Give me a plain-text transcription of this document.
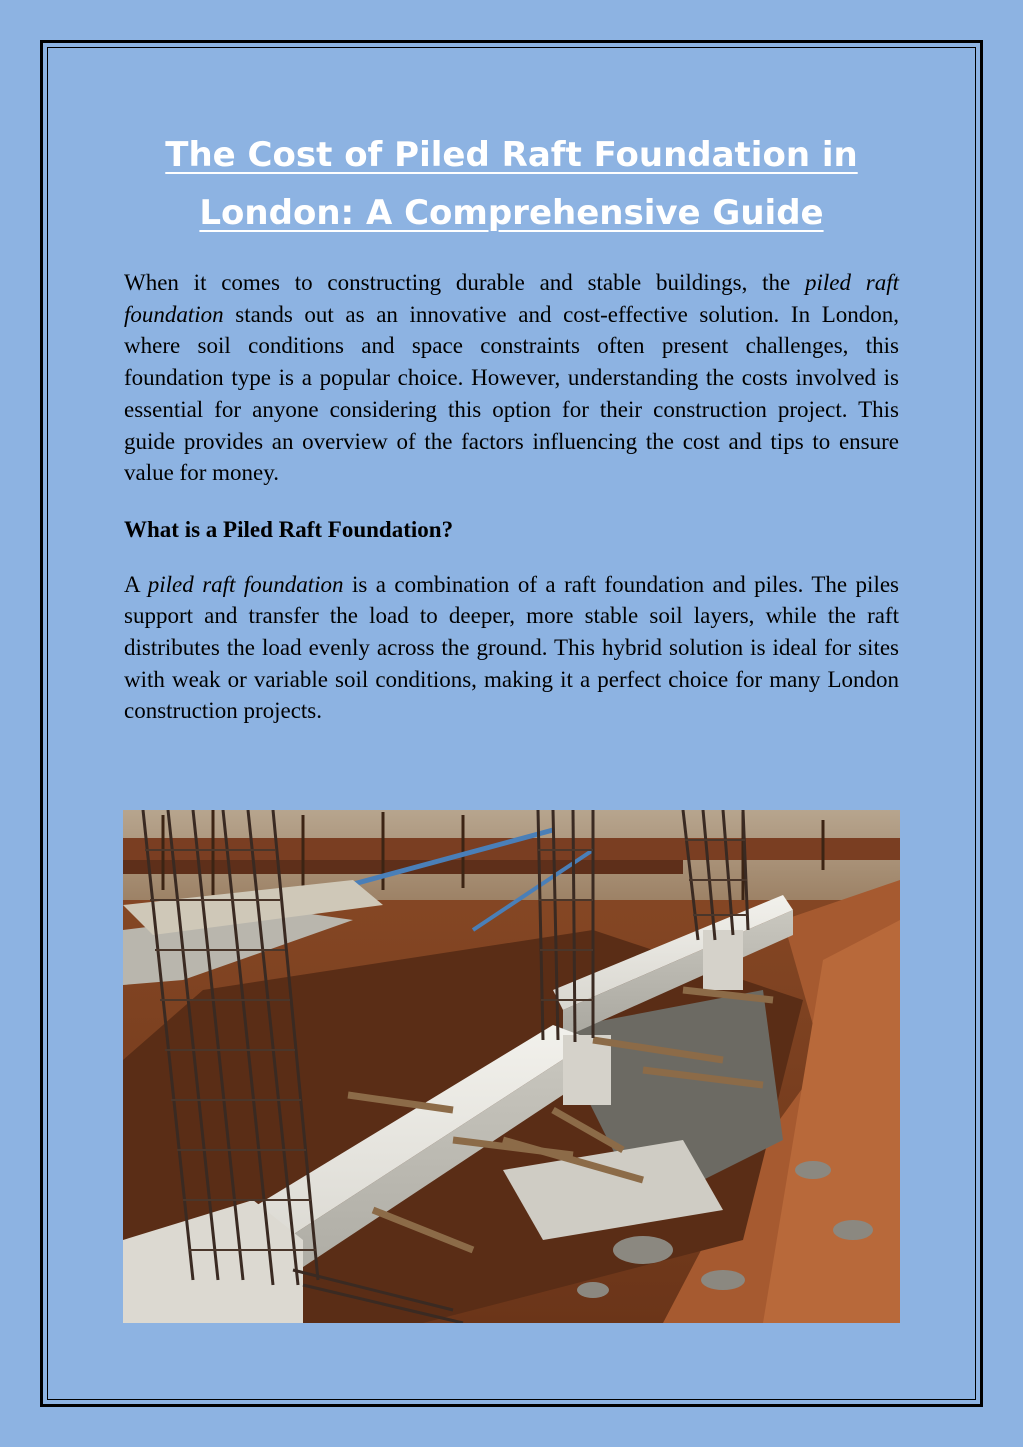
The Cost of Piled Raft Foundation in
London: A Comprehensive Guide

When it comes to constructing durable and stable buildings, the piled raft foundation stands out as an innovative and cost-effective solution. In London, where soil conditions and space constraints often present challenges, this foundation type is a popular choice. However, understanding the costs involved is essential for anyone considering this option for their construction project. This guide provides an overview of the factors influencing the cost and tips to ensure value for money.

What is a Piled Raft Foundation?

A piled raft foundation is a combination of a raft foundation and piles. The piles support and transfer the load to deeper, more stable soil layers, while the raft distributes the load evenly across the ground. This hybrid solution is ideal for sites with weak or variable soil conditions, making it a perfect choice for many London construction projects.
